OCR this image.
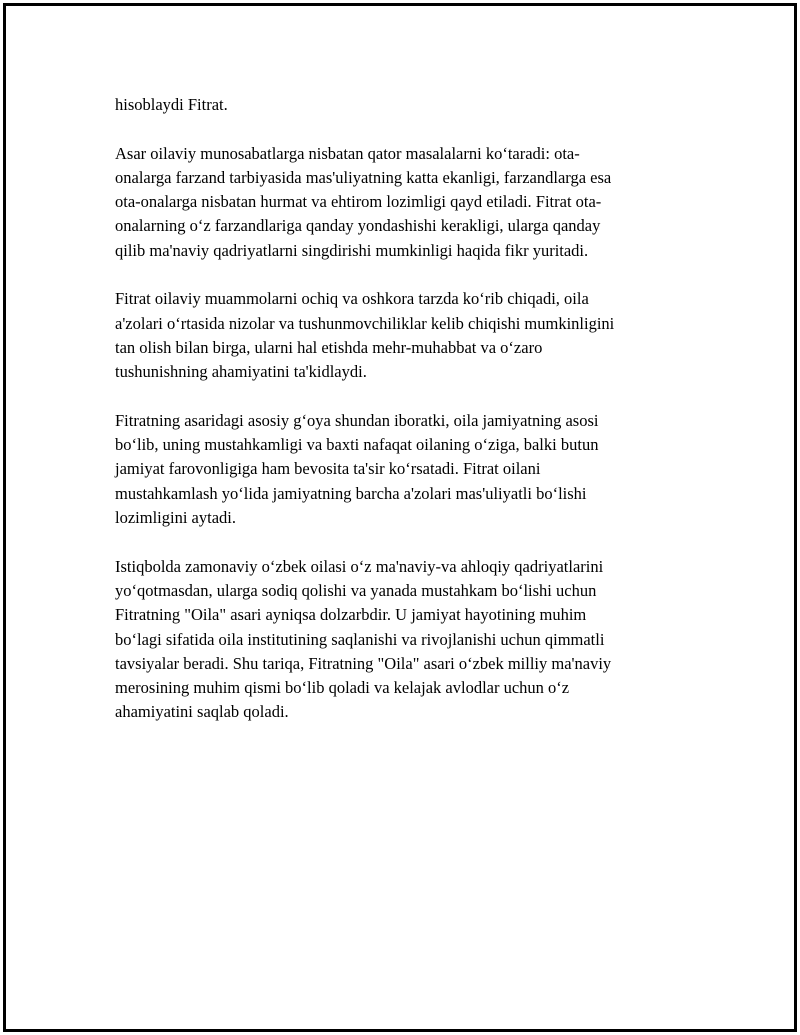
hisoblaydi Fitrat.

Asar oilaviy munosabatlarga nisbatan qator masalalarni ko‘taradi: ota-
onalarga farzand tarbiyasida mas'uliyatning katta ekanligi, farzandlarga esa
ota-onalarga nisbatan hurmat va ehtirom lozimligi qayd etiladi. Fitrat ota-
onalarning o‘z farzandlariga qanday yondashishi kerakligi, ularga qanday
qilib ma'naviy qadriyatlarni singdirishi mumkinligi haqida fikr yuritadi.

Fitrat oilaviy muammolarni ochiq va oshkora tarzda ko‘rib chiqadi, oila
a'zolari o‘rtasida nizolar va tushunmovchiliklar kelib chiqishi mumkinligini
tan olish bilan birga, ularni hal etishda mehr-muhabbat va o‘zaro
tushunishning ahamiyatini ta'kidlaydi.

Fitratning asaridagi asosiy g‘oya shundan iboratki, oila jamiyatning asosi
bo‘lib, uning mustahkamligi va baxti nafaqat oilaning o‘ziga, balki butun
jamiyat farovonligiga ham bevosita ta'sir ko‘rsatadi. Fitrat oilani
mustahkamlash yo‘lida jamiyatning barcha a'zolari mas'uliyatli bo‘lishi
lozimligini aytadi.

Istiqbolda zamonaviy o‘zbek oilasi o‘z ma'naviy-va ahloqiy qadriyatlarini
yo‘qotmasdan, ularga sodiq qolishi va yanada mustahkam bo‘lishi uchun
Fitratning "Oila" asari ayniqsa dolzarbdir. U jamiyat hayotining muhim
bo‘lagi sifatida oila institutining saqlanishi va rivojlanishi uchun qimmatli
tavsiyalar beradi. Shu tariqa, Fitratning "Oila" asari o‘zbek milliy ma'naviy
merosining muhim qismi bo‘lib qoladi va kelajak avlodlar uchun o‘z
ahamiyatini saqlab qoladi.
